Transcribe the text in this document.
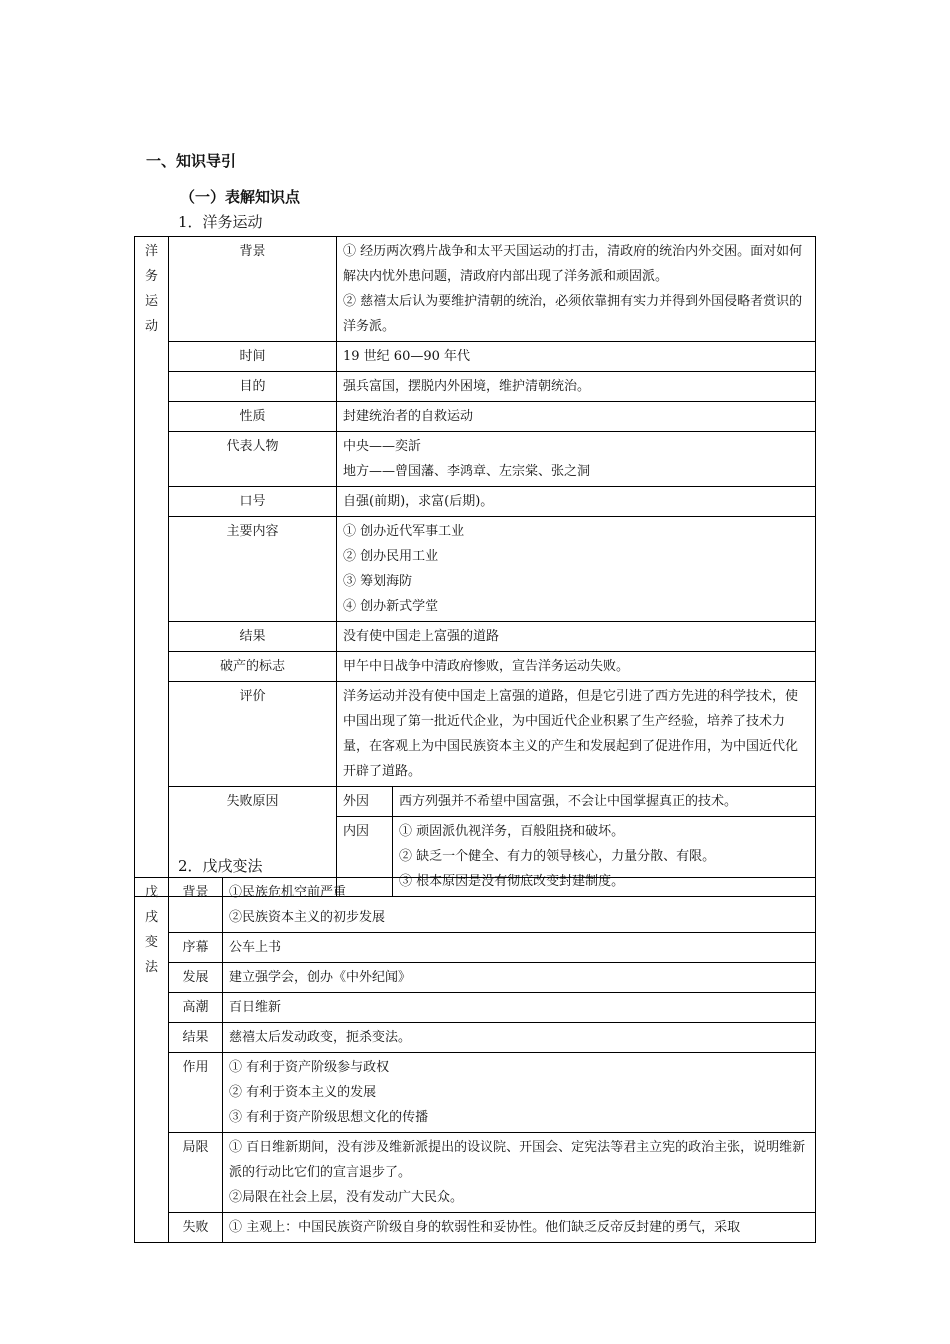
一、知识导引
（一）表解知识点
1．洋务运动
洋
务
运
动	背景	① 经历两次鸦片战争和太平天国运动的打击，清政府的统治内外交困。面对如何解决内忧外患问题，清政府内部出现了洋务派和顽固派。
② 慈禧太后认为要维护清朝的统治，必须依靠拥有实力并得到外国侵略者赏识的洋务派。	

	时间	19 世纪 60—90 年代	

	目的	强兵富国，摆脱内外困境，维护清朝统治。	

	性质	封建统治者的自救运动	

	代表人物	中央——奕訢
地方——曾国藩、李鸿章、左宗棠、张之洞	

	口号	自强(前期)，求富(后期)。	

	主要内容	① 创办近代军事工业
② 创办民用工业
③ 筹划海防
④ 创办新式学堂	

	结果	没有使中国走上富强的道路	

	破产的标志	甲午中日战争中清政府惨败，宣告洋务运动失败。	

	评价	洋务运动并没有使中国走上富强的道路，但是它引进了西方先进的科学技术，使中国出现了第一批近代企业，为中国近代企业积累了生产经验，培养了技术力量，在客观上为中国民族资本主义的产生和发展起到了促进作用，为中国近代化开辟了道路。	

	失败原因	外因	西方列强并不希望中国富强，不会让中国掌握真正的技术。

		内因	① 顽固派仇视洋务，百般阻挠和破坏。
② 缺乏一个健全、有力的领导核心，力量分散、有限。
③ 根本原因是没有彻底改变封建制度。
2．戊戌变法
戊
戌
变
法	背景	①民族危机空前严重
②民族资本主义的初步发展

	序幕	公车上书

	发展	建立强学会，创办《中外纪闻》

	高潮	百日维新

	结果	慈禧太后发动政变，扼杀变法。

	作用	① 有利于资产阶级参与政权
② 有利于资本主义的发展
③ 有利于资产阶级思想文化的传播

	局限	① 百日维新期间，没有涉及维新派提出的设议院、开国会、定宪法等君主立宪的政治主张，说明维新派的行动比它们的宣言退步了。
②局限在社会上层，没有发动广大民众。

	失败	① 主观上：中国民族资产阶级自身的软弱性和妥协性。他们缺乏反帝反封建的勇气，采取
